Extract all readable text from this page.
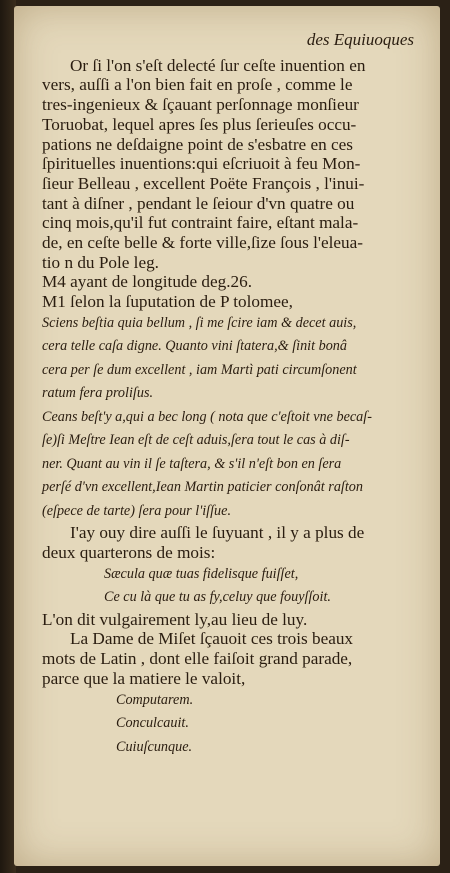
des Equiuoques
Or ſi l'on s'eſt delecté ſur ceſte inuention en
vers, auſſi a l'on bien fait en proſe , comme le
tres-ingenieux & ſçauant perſonnage monſieur
Toruobat, lequel apres ſes plus ſerieuſes occu-
pations ne deſdaigne point de s'esbatre en ces
ſpirituelles inuentions:qui eſcriuoit à feu Mon-
ſieur Belleau , excellent Poëte François , l'inui-
tant à diſner , pendant le ſeiour d'vn quatre ou
cinq mois,qu'il fut contraint faire, eſtant mala-
de, en ceſte belle & forte ville,ſize ſous l'eleua-
tio n du Pole leg.
M4 ayant de longitude deg.26.
M1 ſelon la ſuputation de P tolomee,
Sciens beſtia quia bellum , ſi me ſcire iam & decet auis,
cera telle caſa digne. Quanto vini ſtatera,& ſinit bonâ
cera per ſe dum excellent , iam Martì pati circumſonent
ratum fera proliſus.
Ceans beſt'y a,qui a bec long ( nota que c'eſtoit vne becaſ-
ſe)ſi Meſtre Iean eſt de ceſt aduis,ſera tout le cas à diſ-
ner. Quant au vin il ſe taſtera, & s'il n'eſt bon en ſera
perſé d'vn excellent,Iean Martin paticier conſonât raſton
(eſpece de tarte) ſera pour l'iſſue.
I'ay ouy dire auſſi le ſuyuant , il y a plus de
deux quarterons de mois:
Sæcula quæ tuas fidelisque fuiſſet,
Ce cu là que tu as fy,celuy que fouyſſoit.
L'on dit vulgairement ly,au lieu de luy.
La Dame de Miſet ſçauoit ces trois beaux
mots de Latin , dont elle faiſoit grand parade,
parce que la matiere le valoit,
Computarem.
Conculcauit.
Cuiuſcunque.
